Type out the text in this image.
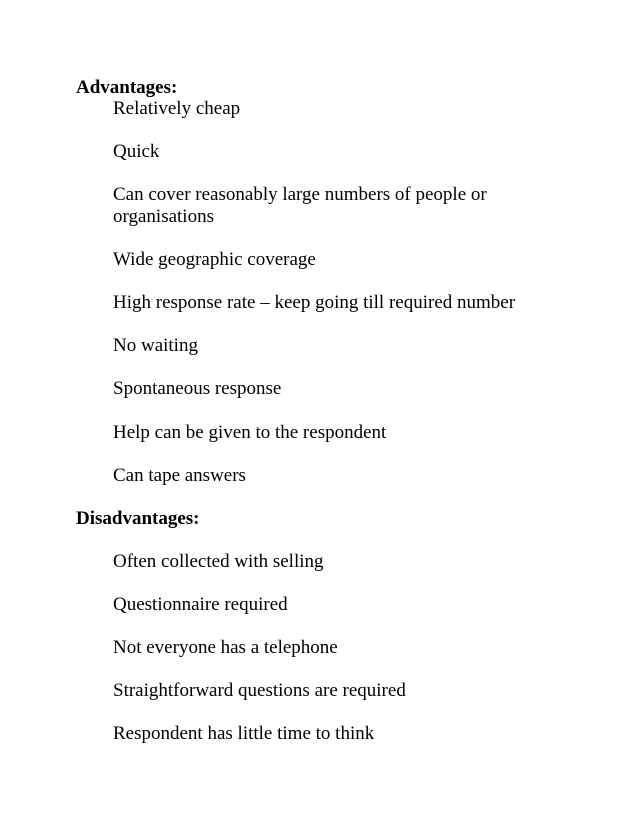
Advantages:

Relatively cheap

Quick

Can cover reasonably large numbers of people or organisations

Wide geographic coverage

High response rate – keep going till required number

No waiting

Spontaneous response

Help can be given to the respondent

Can tape answers

Disadvantages:

Often collected with selling

Questionnaire required

Not everyone has a telephone

Straightforward questions are required

Respondent has little time to think
